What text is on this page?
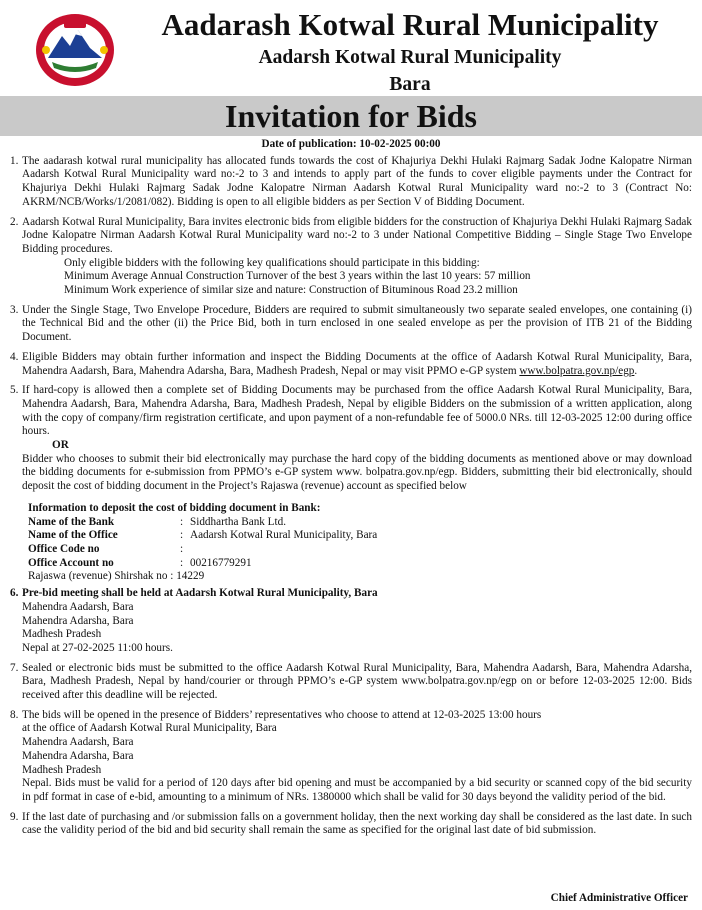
Aadarash Kotwal Rural Municipality
Aadarsh Kotwal Rural Municipality
Bara
Invitation for Bids
Date of publication: 10-02-2025 00:00
1. The aadarash kotwal rural municipality has allocated funds towards the cost of Khajuriya Dekhi Hulaki Rajmarg Sadak Jodne Kalopatre Nirman Aadarsh Kotwal Rural Municipality ward no:-2 to 3 and intends to apply part of the funds to cover eligible payments under the Contract for Khajuriya Dekhi Hulaki Rajmarg Sadak Jodne Kalopatre Nirman Aadarsh Kotwal Rural Municipality ward no:-2 to 3 (Contract No: AKRM/NCB/Works/1/2081/082). Bidding is open to all eligible bidders as per Section V of Bidding Document.
2. Aadarsh Kotwal Rural Municipality, Bara invites electronic bids from eligible bidders for the construction of Khajuriya Dekhi Hulaki Rajmarg Sadak Jodne Kalopatre Nirman Aadarsh Kotwal Rural Municipality ward no:-2 to 3 under National Competitive Bidding – Single Stage Two Envelope Bidding procedures.
Only eligible bidders with the following key qualifications should participate in this bidding:
Minimum Average Annual Construction Turnover of the best 3 years within the last 10 years: 57 million
Minimum Work experience of similar size and nature: Construction of Bituminous Road 23.2 million
3. Under the Single Stage, Two Envelope Procedure, Bidders are required to submit simultaneously two separate sealed envelopes, one containing (i) the Technical Bid and the other (ii) the Price Bid, both in turn enclosed in one sealed envelope as per the provision of ITB 21 of the Bidding Document.
4. Eligible Bidders may obtain further information and inspect the Bidding Documents at the office of Aadarsh Kotwal Rural Municipality, Bara, Mahendra Aadarsh, Bara, Mahendra Adarsha, Bara, Madhesh Pradesh, Nepal or may visit PPMO e-GP system www.bolpatra.gov.np/egp.
5. If hard-copy is allowed then a complete set of Bidding Documents may be purchased from the office Aadarsh Kotwal Rural Municipality, Bara, Mahendra Aadarsh, Bara, Mahendra Adarsha, Bara, Madhesh Pradesh, Nepal by eligible Bidders on the submission of a written application, along with the copy of company/firm registration certificate, and upon payment of a non-refundable fee of 5000.0 NRs. till 12-03-2025 12:00 during office hours.
OR
Bidder who chooses to submit their bid electronically may purchase the hard copy of the bidding documents as mentioned above or may download the bidding documents for e-submission from PPMO’s e-GP system www. bolpatra.gov.np/egp. Bidders, submitting their bid electronically, should deposit the cost of bidding document in the Project’s Rajaswa (revenue) account as specified below
Information to deposit the cost of bidding document in Bank:
Name of the Bank	:	Siddhartha Bank Ltd.
Name of the Office	:	Aadarsh Kotwal Rural Municipality, Bara
Office Code no	:	
Office Account no	:	00216779291
Rajaswa (revenue) Shirshak no : 14229
6. Pre-bid meeting shall be held at Aadarsh Kotwal Rural Municipality, Bara
Mahendra Aadarsh, Bara
Mahendra Adarsha, Bara
Madhesh Pradesh
Nepal at 27-02-2025 11:00 hours.
7. Sealed or electronic bids must be submitted to the office Aadarsh Kotwal Rural Municipality, Bara, Mahendra Aadarsh, Bara, Mahendra Adarsha, Bara, Madhesh Pradesh, Nepal by hand/courier or through PPMO’s e-GP system www.bolpatra.gov.np/egp on or before 12-03-2025 12:00. Bids received after this deadline will be rejected.
8. The bids will be opened in the presence of Bidders’ representatives who choose to attend at 12-03-2025 13:00 hours
at the office of Aadarsh Kotwal Rural Municipality, Bara
Mahendra Aadarsh, Bara
Mahendra Adarsha, Bara
Madhesh Pradesh
Nepal. Bids must be valid for a period of 120 days after bid opening and must be accompanied by a bid security or scanned copy of the bid security in pdf format in case of e-bid, amounting to a minimum of NRs. 1380000 which shall be valid for 30 days beyond the validity period of the bid.
9. If the last date of purchasing and /or submission falls on a government holiday, then the next working day shall be considered as the last date. In such case the validity period of the bid and bid security shall remain the same as specified for the original last date of bid submission.
Chief Administrative Officer
